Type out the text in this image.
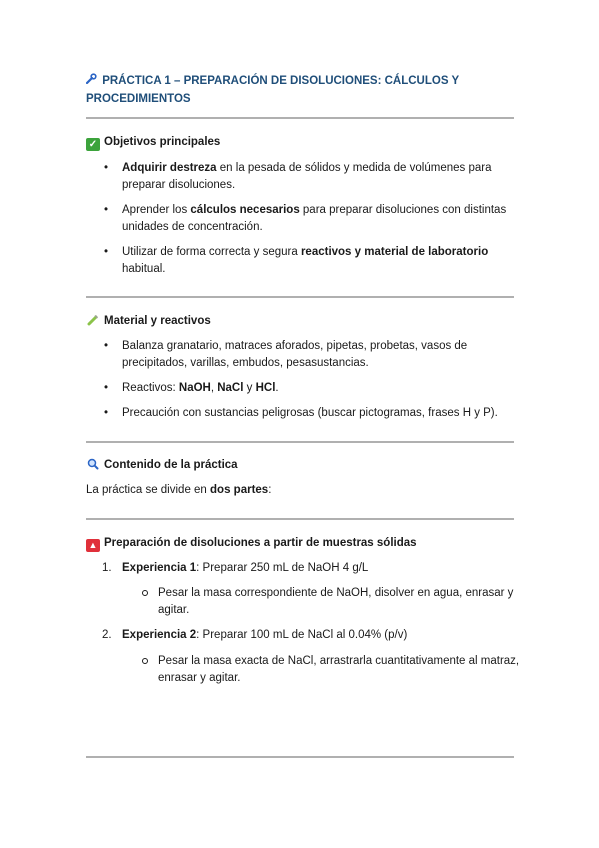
PRÁCTICA 1 – PREPARACIÓN DE DISOLUCIONES: CÁLCULOS Y PROCEDIMIENTOS
✓ Objetivos principales
• Adquirir destreza en la pesada de sólidos y medida de volúmenes para preparar disoluciones.
• Aprender los cálculos necesarios para preparar disoluciones con distintas unidades de concentración.
• Utilizar de forma correcta y segura reactivos y material de laboratorio habitual.
Material y reactivos
• Balanza granatario, matraces aforados, pipetas, probetas, vasos de precipitados, varillas, embudos, pesasustancias.
• Reactivos: NaOH, NaCl y HCl.
• Precaución con sustancias peligrosas (buscar pictogramas, frases H y P).
Contenido de la práctica
La práctica se divide en dos partes:
▲ Preparación de disoluciones a partir de muestras sólidas
1. Experiencia 1: Preparar 250 mL de NaOH 4 g/L
Pesar la masa correspondiente de NaOH, disolver en agua, enrasar y agitar.
2. Experiencia 2: Preparar 100 mL de NaCl al 0.04% (p/v)
Pesar la masa exacta de NaCl, arrastrarla cuantitativamente al matraz, enrasar y agitar.
